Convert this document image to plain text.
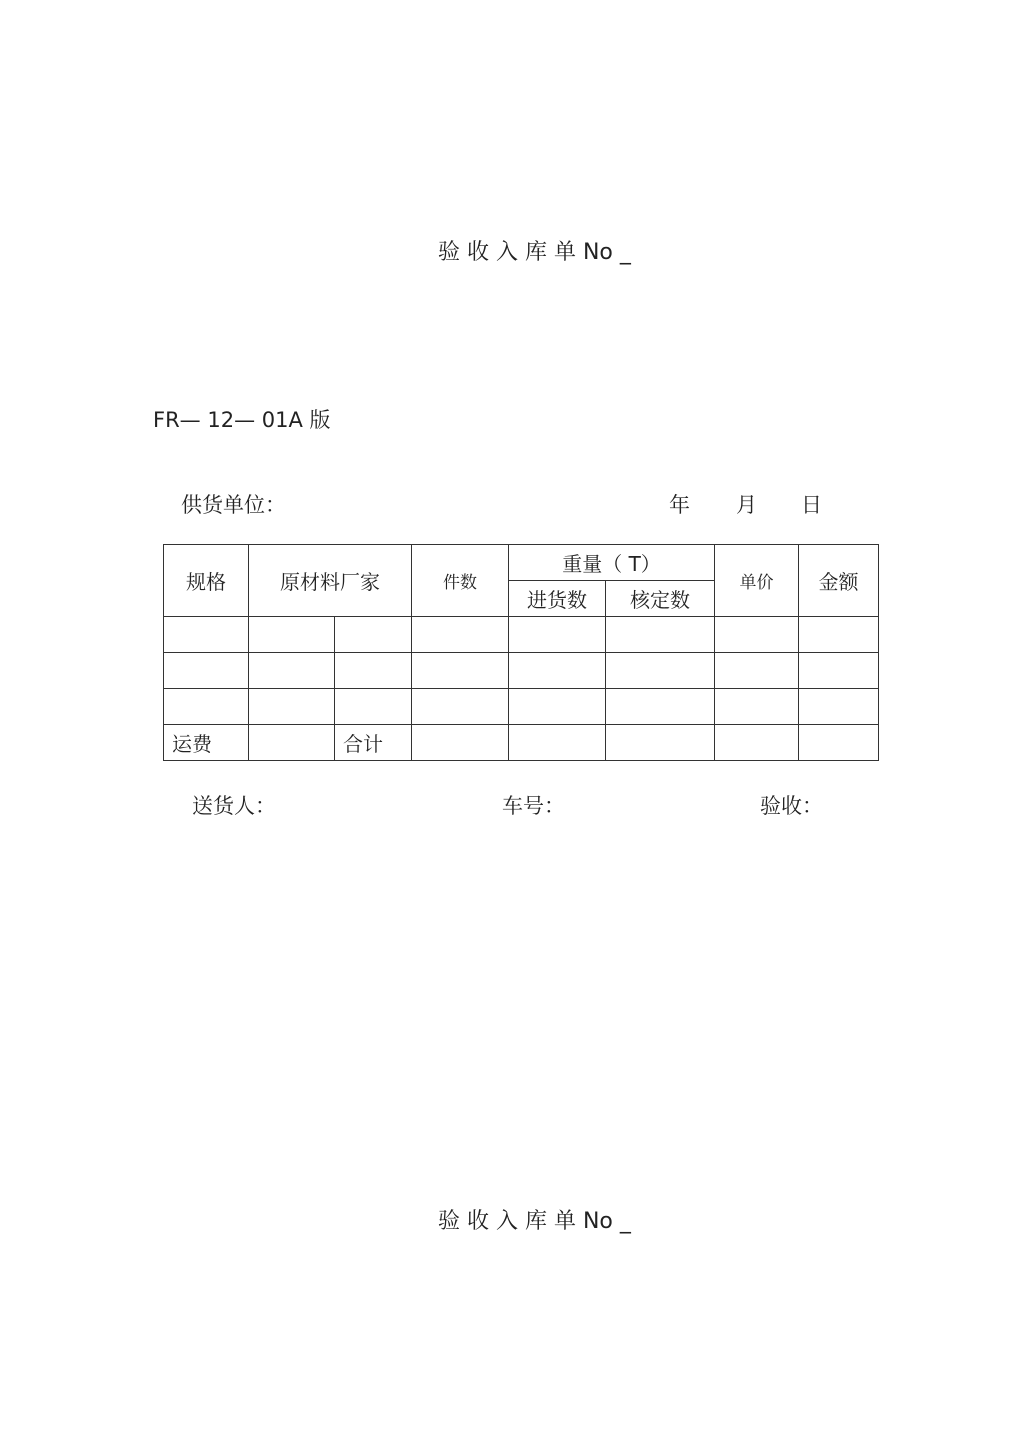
验 收 入 库 单 No _
FR— 12— 01A 版
供货单位：	年 月 日
规格	原材料厂家		件数	重量（ T）		单价	金额
				进货数	核定数		

运费		合计					
送货人：	车号：	验收：
验 收 入 库 单 No _
